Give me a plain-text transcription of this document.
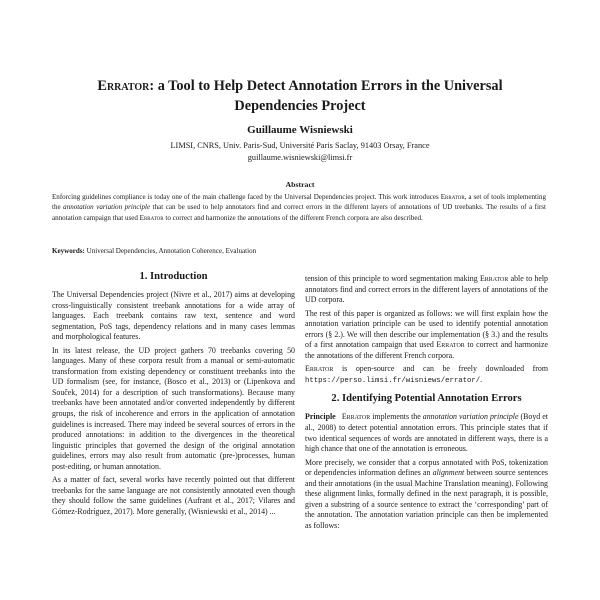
Errator: a Tool to Help Detect Annotation Errors in the Universal
Dependencies Project
Guillaume Wisniewski
LIMSI, CNRS, Univ. Paris-Sud, Université Paris Saclay, 91403 Orsay, France
guillaume.wisniewski@limsi.fr
Abstract

Enforcing guidelines compliance is today one of the main challenge faced by the Universal Dependencies project. This work introduces Errator, a set of tools implementing the annotation variation principle that can be used to help annotators find and correct errors in the different layers of annotations of UD treebanks. The results of a first annotation campaign that used Errator to correct and harmonize the annotations of the different French corpora are also described.

Keywords: Universal Dependencies, Annotation Coherence, Evaluation
1. Introduction

The Universal Dependencies project (Nivre et al., 2017) aims at developing cross-linguistically consistent treebank annotations for a wide array of languages. Each treebank contains raw text, sentence and word segmentation, PoS tags, dependency relations and in many cases lemmas and morphological features.

In its latest release, the UD project gathers 70 treebanks covering 50 languages. Many of these corpora result from a manual or semi-automatic transformation from existing dependency or constituent treebanks into the UD formalism (see, for instance, (Bosco et al., 2013) or (Lipenkova and Souček, 2014) for a description of such transformations). Because many treebanks have been annotated and/or converted independently by different groups, the risk of incoherence and errors in the application of annotation guidelines is increased. There may indeed be several sources of errors in the produced annotations: in addition to the divergences in the theoretical linguistic principles that governed the design of the original annotation guidelines, errors may also result from automatic (pre-)processes, human post-editing, or human annotation.

As a matter of fact, several works have recently pointed out that different treebanks for the same language are not consistently annotated even though they should follow the same guidelines (Aufrant et al., 2017; Vilares and Gómez-Rodríguez, 2017). More generally, (Wisniewski et al., 2014) ...

tension of this principle to word segmentation making Errator able to help annotators find and correct errors in the different layers of annotations of the UD corpora.

The rest of this paper is organized as follows: we will first explain how the annotation variation principle can be used to identify potential annotation errors (§ 2.). We will then describe our implementation (§ 3.) and the results of a first annotation campaign that used Errator to correct and harmonize the annotations of the different French corpora.

Errator is open-source and can be freely downloaded from https://perso.limsi.fr/wisniews/errator/.

2. Identifying Potential Annotation Errors

Principle Errator implements the annotation variation principle (Boyd et al., 2008) to detect potential annotation errors. This principle states that if two identical sequences of words are annotated in different ways, there is a high chance that one of the annotation is erroneous.

More precisely, we consider that a corpus annotated with PoS, tokenization or dependencies information defines an alignment between source sentences and their annotations (in the usual Machine Translation meaning). Following these alignment links, formally defined in the next paragraph, it is possible, given a substring of a source sentence to extract the ‘corresponding’ part of the annotation. The annotation variation principle can then be implemented as follows:
